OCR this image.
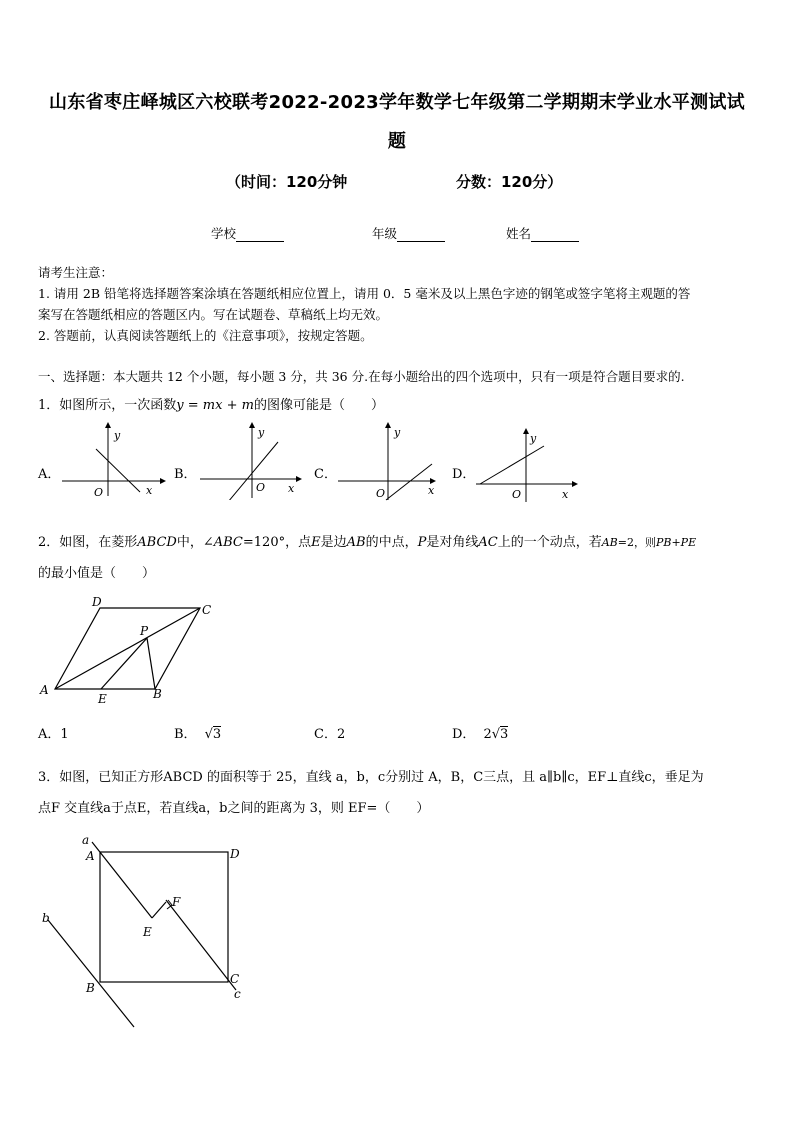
山东省枣庄峄城区六校联考2022-2023学年数学七年级第二学期期末学业水平测试试
题
（时间：120分钟	分数：120分）
学校	年级	姓名
请考生注意：
1. 请用 2B 铅笔将选择题答案涂填在答题纸相应位置上，请用 0．5 毫米及以上黑色字迹的钢笔或签字笔将主观题的答
案写在答题纸相应的答题区内。写在试题卷、草稿纸上均无效。
2. 答题前，认真阅读答题纸上的《注意事项》，按规定答题。
一、选择题：本大题共 12 个小题，每小题 3 分，共 36 分.在每小题给出的四个选项中，只有一项是符合题目要求的.
1．如图所示，一次函数y = mx + m的图像可能是（　　）
A．	B．	C．	D．
y
x
O
y
x
O
y
x
O
y
x
O
2．如图，在菱形ABCD中，∠ABC=120°，点E是边AB的中点，P是对角线AC上的一个动点，若AB=2，则PB+PE
的最小值是（　　）
D
C
P
A
E	B
A．1	B． √3	C．2	D． 2√3
3．如图，已知正方形ABCD 的面积等于 25，直线 a，b，c分别过 A，B，C三点，且 a∥b∥c，EF⊥直线c，垂足为
点F 交直线a于点E，若直线a，b之间的距离为 3，则 EF=（　　）
a
A	D
F
E
b
B
C
c
